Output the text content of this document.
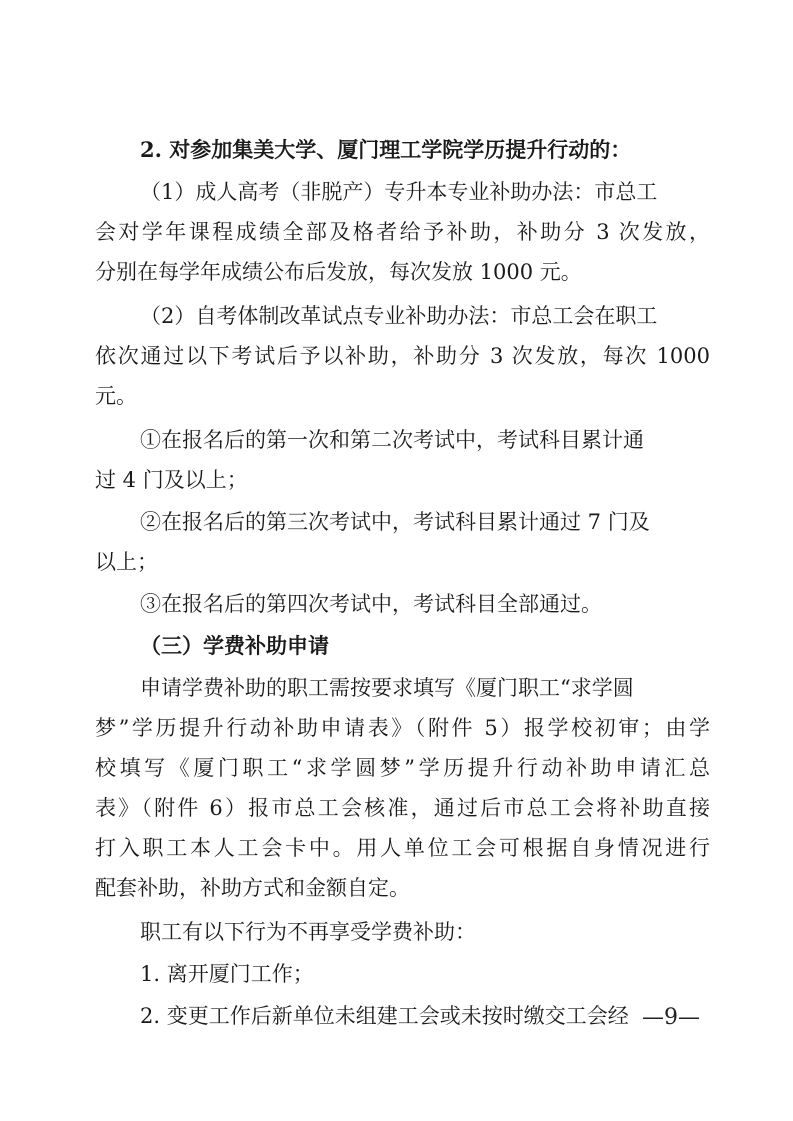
2. 对参加集美大学、厦门理工学院学历提升行动的：
（1）成人高考（非脱产）专升本专业补助办法：市总工
会对学年课程成绩全部及格者给予补助，补助分 3 次发放，
分别在每学年成绩公布后发放，每次发放 1000 元。
（2）自考体制改革试点专业补助办法：市总工会在职工
依次通过以下考试后予以补助，补助分 3 次发放，每次 1000
元。
①在报名后的第一次和第二次考试中，考试科目累计通
过 4 门及以上；
②在报名后的第三次考试中，考试科目累计通过 7 门及
以上；
③在报名后的第四次考试中，考试科目全部通过。
（三）学费补助申请
申请学费补助的职工需按要求填写《厦门职工“求学圆
梦”学历提升行动补助申请表》（附件 5）报学校初审；由学
校填写《厦门职工“求学圆梦”学历提升行动补助申请汇总
表》（附件 6）报市总工会核准，通过后市总工会将补助直接
打入职工本人工会卡中。用人单位工会可根据自身情况进行
配套补助，补助方式和金额自定。
职工有以下行为不再享受学费补助：
1. 离开厦门工作；
2. 变更工作后新单位未组建工会或未按时缴交工会经 —9—
